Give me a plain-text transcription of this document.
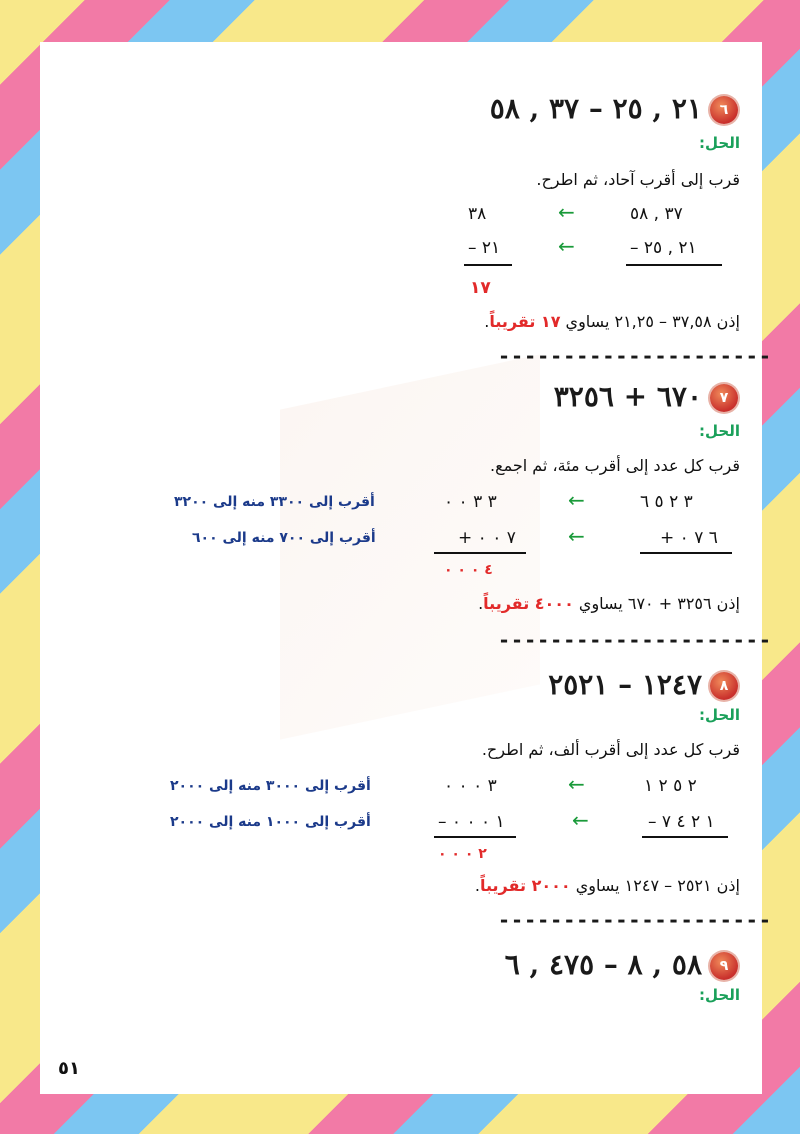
٦
٢١ , ٢٥ – ٣٧ , ٥٨
الحل:
قرب إلى أقرب آحاد، ثم اطرح.
٣٧ , ٥٨
←
٣٨
٢١ , ٢٥ –
←
٢١ –
١٧
إذن ٣٧,٥٨ – ٢١,٢٥ يساوي ١٧ تقريباً.
---------------------
٧
٦٧٠ + ٣٢٥٦
الحل:
قرب كل عدد إلى أقرب مئة، ثم اجمع.
٣ ٢ ٥ ٦
←
٣ ٣ ٠ ٠
أقرب إلى ٣٣٠٠ منه إلى ٣٢٠٠
٦ ٧ ٠ +
←
٧ ٠ ٠ +
أقرب إلى ٧٠٠ منه إلى ٦٠٠
٤ ٠ ٠ ٠
إذن ٣٢٥٦ + ٦٧٠ يساوي ٤٠٠٠ تقريباً.
---------------------
٨
١٢٤٧ – ٢٥٢١
الحل:
قرب كل عدد إلى أقرب ألف، ثم اطرح.
٢ ٥ ٢ ١
←
٣ ٠ ٠ ٠
أقرب إلى ٣٠٠٠ منه إلى ٢٠٠٠
١ ٢ ٤ ٧ –
←
١ ٠ ٠ ٠ –
أقرب إلى ١٠٠٠ منه إلى ٢٠٠٠
٢ ٠ ٠ ٠
إذن ٢٥٢١ – ١٢٤٧ يساوي ٢٠٠٠ تقريباً.
---------------------
٩
٥٨ , ٨ – ٤٧٥ , ٦
الحل:
٥١
